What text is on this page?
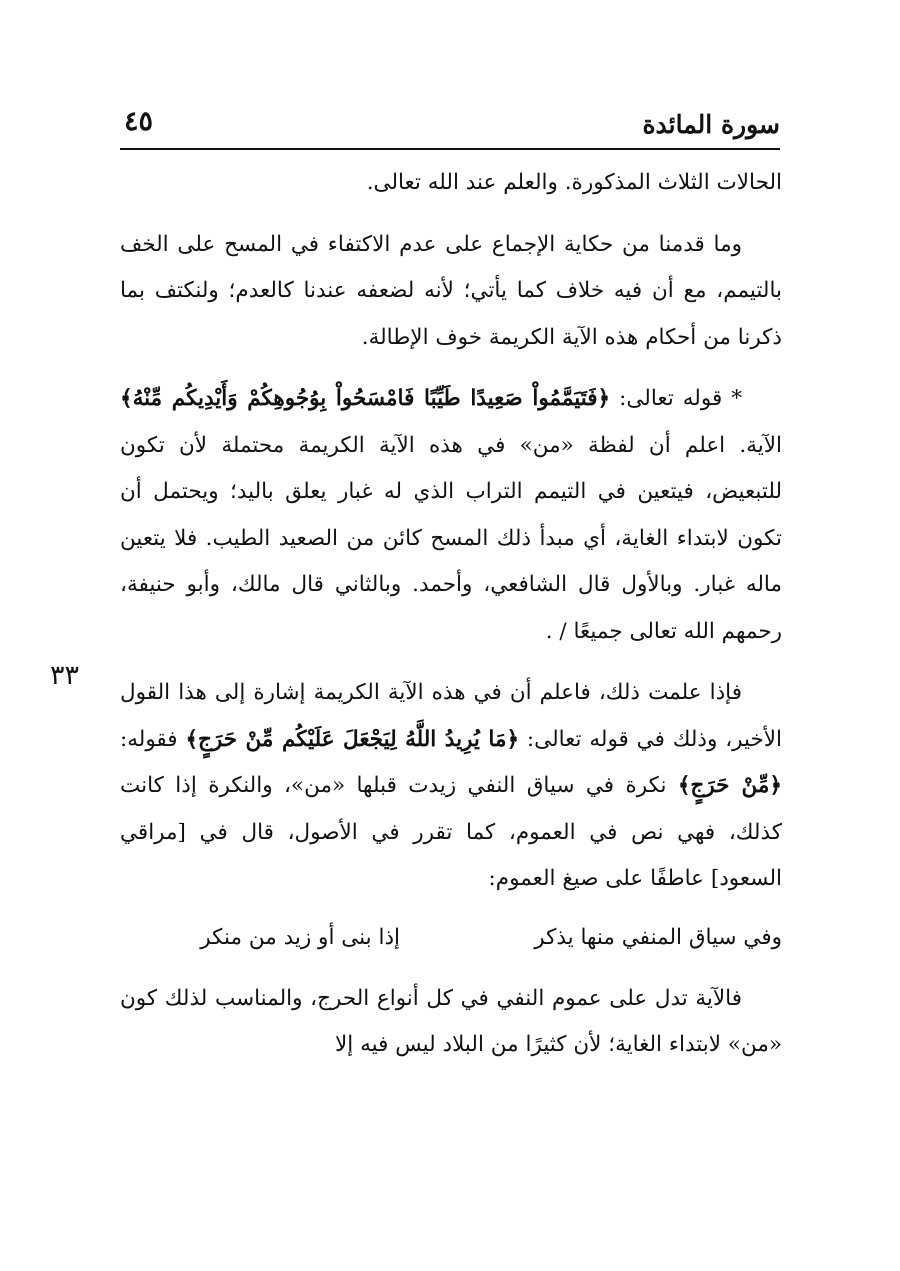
سورة المائدة
٤٥
٣٣

الحالات الثلاث المذكورة. والعلم عند الله تعالى.

وما قدمنا من حكاية الإجماع على عدم الاكتفاء في المسح على الخف بالتيمم، مع أن فيه خلاف كما يأتي؛ لأنه لضعفه عندنا كالعدم؛ ولنكتف بما ذكرنا من أحكام هذه الآية الكريمة خوف الإطالة.

* قوله تعالى: ﴿فَتَيَمَّمُواْ صَعِيدًا طَيِّبًا فَامْسَحُواْ بِوُجُوهِكُمْ وَأَيْدِيكُم مِّنْهُ﴾ الآية. اعلم أن لفظة «من» في هذه الآية الكريمة محتملة لأن تكون للتبعيض، فيتعين في التيمم التراب الذي له غبار يعلق باليد؛ ويحتمل أن تكون لابتداء الغاية، أي مبدأ ذلك المسح كائن من الصعيد الطيب. فلا يتعين ماله غبار. وبالأول قال الشافعي، وأحمد. وبالثاني قال مالك، وأبو حنيفة، رحمهم الله تعالى جميعًا / .

فإذا علمت ذلك، فاعلم أن في هذه الآية الكريمة إشارة إلى هذا القول الأخير، وذلك في قوله تعالى: ﴿مَا يُرِيدُ اللَّهُ لِيَجْعَلَ عَلَيْكُم مِّنْ حَرَجٍ﴾ فقوله: ﴿مِّنْ حَرَجٍ﴾ نكرة في سياق النفي زيدت قبلها «من»، والنكرة إذا كانت كذلك، فهي نص في العموم، كما تقرر في الأصول، قال في [مراقي السعود] عاطفًا على صيغ العموم:

وفي سياق المنفي منها يذكر
إذا بنى أو زيد من منكر

فالآية تدل على عموم النفي في كل أنواع الحرج، والمناسب لذلك كون «من» لابتداء الغاية؛ لأن كثيرًا من البلاد ليس فيه إلا
